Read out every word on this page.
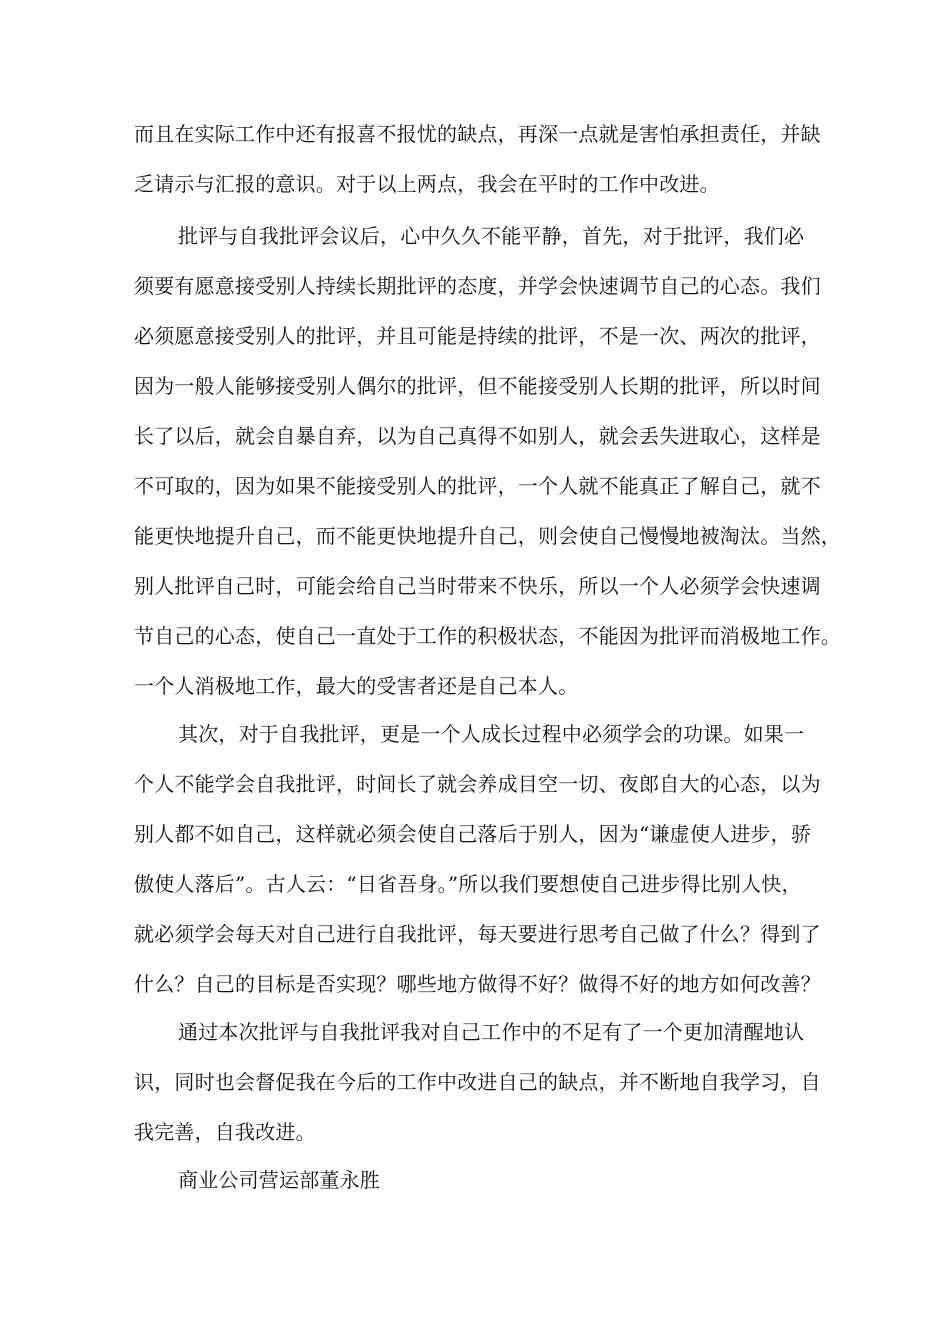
而且在实际工作中还有报喜不报忧的缺点，再深一点就是害怕承担责任，并缺
乏请示与汇报的意识。对于以上两点，我会在平时的工作中改进。
批评与自我批评会议后，心中久久不能平静，首先，对于批评，我们必
须要有愿意接受别人持续长期批评的态度，并学会快速调节自己的心态。我们
必须愿意接受别人的批评，并且可能是持续的批评，不是一次、两次的批评，
因为一般人能够接受别人偶尔的批评，但不能接受别人长期的批评，所以时间
长了以后，就会自暴自弃，以为自己真得不如别人，就会丢失进取心，这样是
不可取的，因为如果不能接受别人的批评，一个人就不能真正了解自己，就不
能更快地提升自己，而不能更快地提升自己，则会使自己慢慢地被淘汰。当然，
别人批评自己时，可能会给自己当时带来不快乐，所以一个人必须学会快速调
节自己的心态，使自己一直处于工作的积极状态，不能因为批评而消极地工作。
一个人消极地工作，最大的受害者还是自己本人。
其次，对于自我批评，更是一个人成长过程中必须学会的功课。如果一
个人不能学会自我批评，时间长了就会养成目空一切、夜郎自大的心态，以为
别人都不如自己，这样就必须会使自己落后于别人，因为“谦虚使人进步，骄
傲使人落后”。古人云：“日省吾身。”所以我们要想使自己进步得比别人快，
就必须学会每天对自己进行自我批评，每天要进行思考自己做了什么？得到了
什么？自己的目标是否实现？哪些地方做得不好？做得不好的地方如何改善？
通过本次批评与自我批评我对自己工作中的不足有了一个更加清醒地认
识，同时也会督促我在今后的工作中改进自己的缺点，并不断地自我学习，自
我完善，自我改进。
商业公司营运部董永胜
